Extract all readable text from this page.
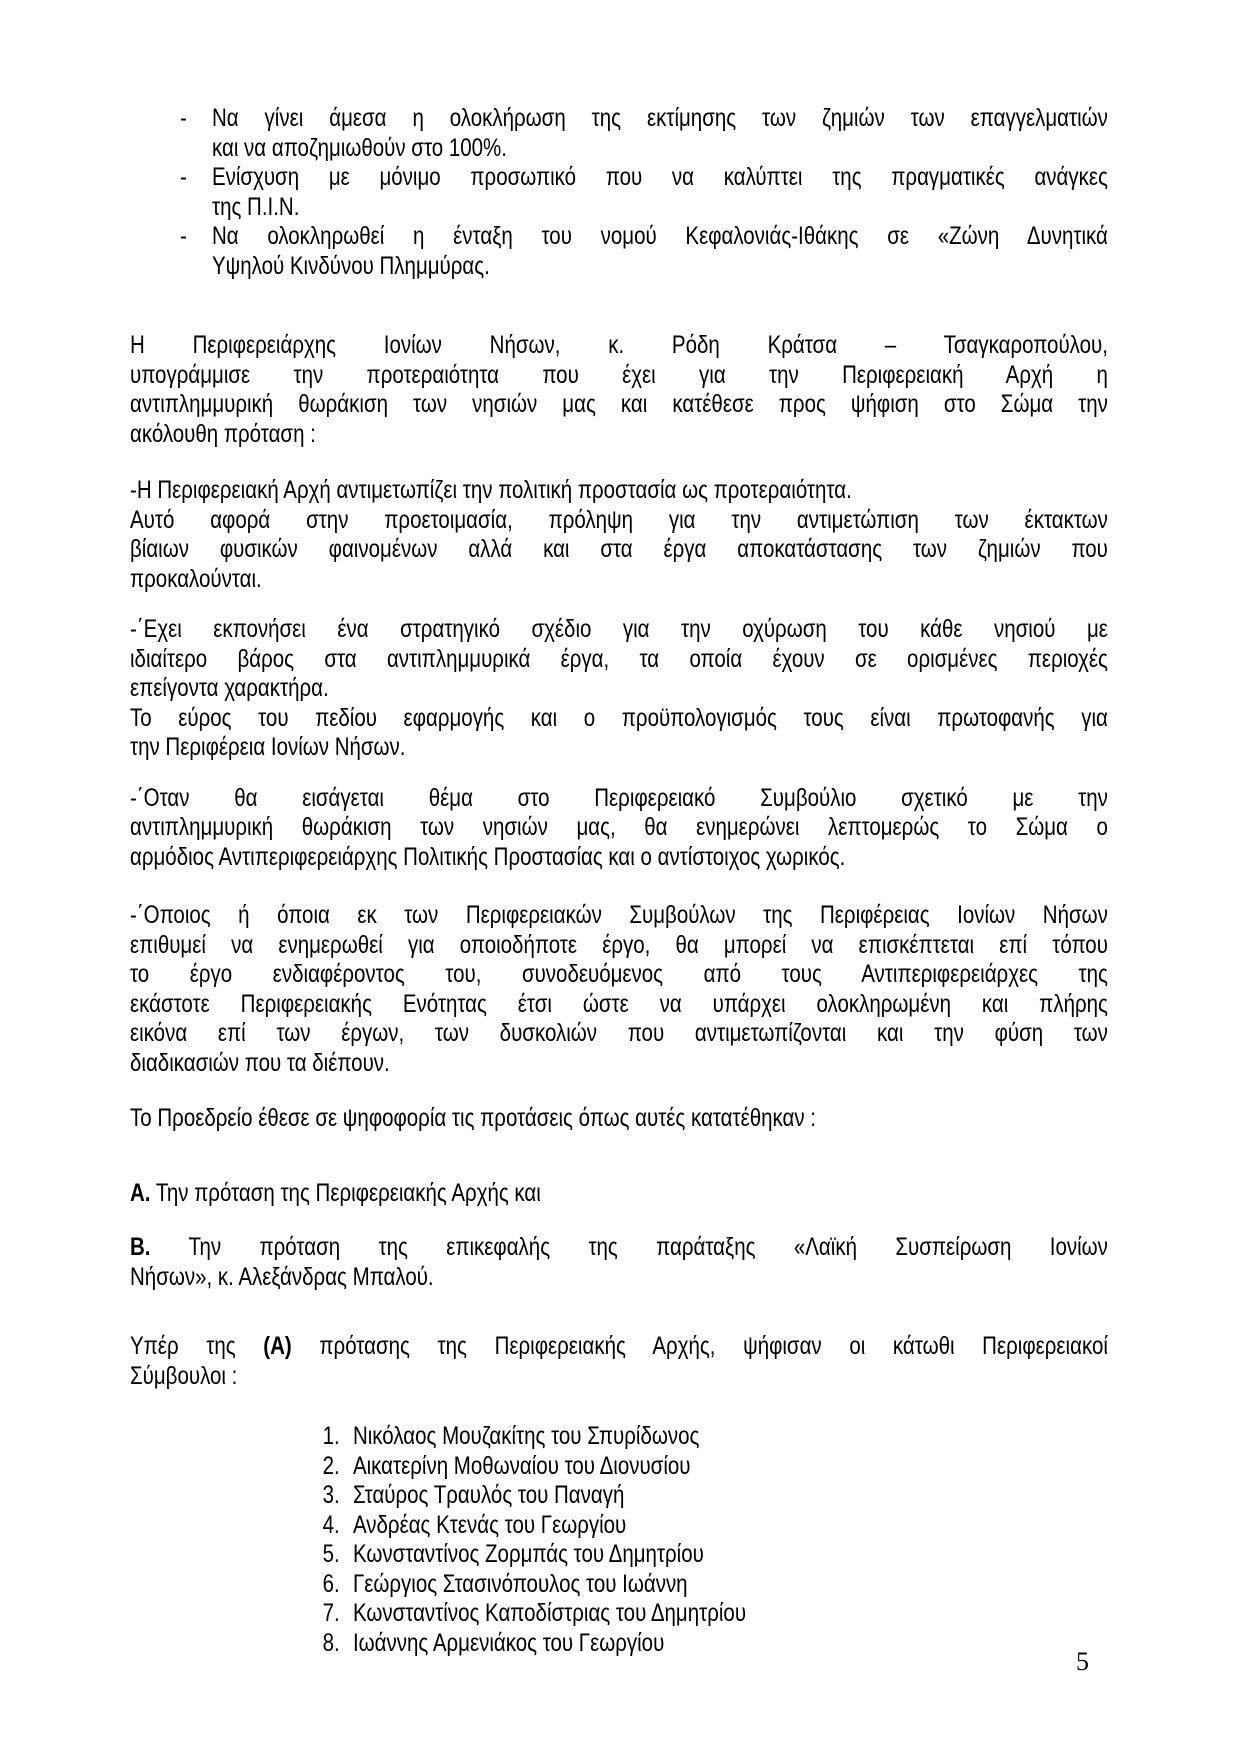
- Να γίνει άμεσα η ολοκλήρωση της εκτίμησης των ζημιών των επαγγελματιών
και να αποζημιωθούν στο 100%.
- Ενίσχυση με μόνιμο προσωπικό που να καλύπτει της πραγματικές ανάγκες
της Π.Ι.Ν.
- Να ολοκληρωθεί η ένταξη του νομού Κεφαλονιάς-Ιθάκης σε «Ζώνη Δυνητικά
Υψηλού Κινδύνου Πλημμύρας.
Η Περιφερειάρχης Ιονίων Νήσων, κ. Ρόδη Κράτσα – Τσαγκαροπούλου,
υπογράμμισε την προτεραιότητα που έχει για την Περιφερειακή Αρχή η
αντιπλημμυρική θωράκιση των νησιών μας και κατέθεσε προς ψήφιση στο Σώμα την
ακόλουθη πρόταση :
-Η Περιφερειακή Αρχή αντιμετωπίζει την πολιτική προστασία ως προτεραιότητα.
Αυτό αφορά στην προετοιμασία, πρόληψη για την αντιμετώπιση των έκτακτων
βίαιων φυσικών φαινομένων αλλά και στα έργα αποκατάστασης των ζημιών που
προκαλούνται.
-΄Εχει εκπονήσει ένα στρατηγικό σχέδιο για την οχύρωση του κάθε νησιού με
ιδιαίτερο βάρος στα αντιπλημμυρικά έργα, τα οποία έχουν σε ορισμένες περιοχές
επείγοντα χαρακτήρα.
Το εύρος του πεδίου εφαρμογής και ο προϋπολογισμός τους είναι πρωτοφανής για
την Περιφέρεια Ιονίων Νήσων.
-΄Οταν θα εισάγεται θέμα στο Περιφερειακό Συμβούλιο σχετικό με την
αντιπλημμυρική θωράκιση των νησιών μας, θα ενημερώνει λεπτομερώς το Σώμα ο
αρμόδιος Αντιπεριφερειάρχης Πολιτικής Προστασίας και ο αντίστοιχος χωρικός.
-΄Οποιος ή όποια εκ των Περιφερειακών Συμβούλων της Περιφέρειας Ιονίων Νήσων
επιθυμεί να ενημερωθεί για οποιοδήποτε έργο, θα μπορεί να επισκέπτεται επί τόπου
το έργο ενδιαφέροντος του, συνοδευόμενος από τους Αντιπεριφερειάρχες της
εκάστοτε Περιφερειακής Ενότητας έτσι ώστε να υπάρχει ολοκληρωμένη και πλήρης
εικόνα επί των έργων, των δυσκολιών που αντιμετωπίζονται και την φύση των
διαδικασιών που τα διέπουν.
Το Προεδρείο έθεσε σε ψηφοφορία τις προτάσεις όπως αυτές κατατέθηκαν :
Α. Την πρόταση της Περιφερειακής Αρχής και
Β. Την πρόταση της επικεφαλής της παράταξης «Λαϊκή Συσπείρωση Ιονίων
Νήσων», κ. Αλεξάνδρας Μπαλού.
Υπέρ της (Α) πρότασης της Περιφερειακής Αρχής, ψήφισαν οι κάτωθι Περιφερειακοί
Σύμβουλοι :
1. Νικόλαος Μουζακίτης του Σπυρίδωνος
2. Αικατερίνη Μοθωναίου του Διονυσίου
3. Σταύρος Τραυλός του Παναγή
4. Ανδρέας Κτενάς του Γεωργίου
5. Κωνσταντίνος Ζορμπάς του Δημητρίου
6. Γεώργιος Στασινόπουλος του Ιωάννη
7. Κωνσταντίνος Καποδίστριας του Δημητρίου
8. Ιωάννης Αρμενιάκος του Γεωργίου
5
